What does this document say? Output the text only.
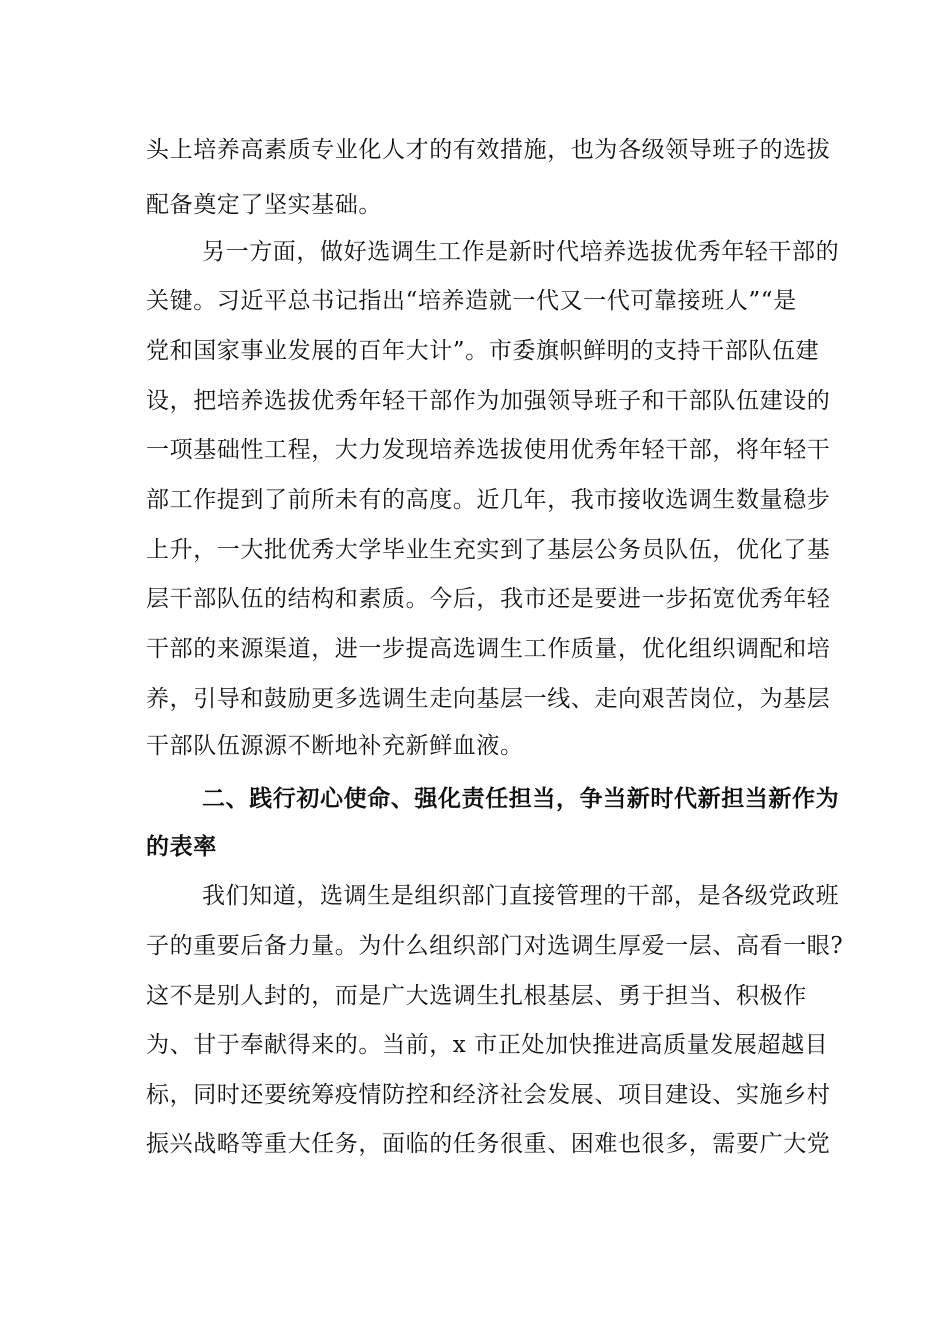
头上培养高素质专业化人才的有效措施，也为各级领导班子的选拔
配备奠定了坚实基础。
另一方面，做好选调生工作是新时代培养选拔优秀年轻干部的
关键。习近平总书记指出“培养造就一代又一代可靠接班人”“是
党和国家事业发展的百年大计”。市委旗帜鲜明的支持干部队伍建
设，把培养选拔优秀年轻干部作为加强领导班子和干部队伍建设的
一项基础性工程，大力发现培养选拔使用优秀年轻干部，将年轻干
部工作提到了前所未有的高度。近几年，我市接收选调生数量稳步
上升，一大批优秀大学毕业生充实到了基层公务员队伍，优化了基
层干部队伍的结构和素质。今后，我市还是要进一步拓宽优秀年轻
干部的来源渠道，进一步提高选调生工作质量，优化组织调配和培
养，引导和鼓励更多选调生走向基层一线、走向艰苦岗位，为基层
干部队伍源源不断地补充新鲜血液。
二、践行初心使命、强化责任担当，争当新时代新担当新作为
的表率
我们知道，选调生是组织部门直接管理的干部，是各级党政班
子的重要后备力量。为什么组织部门对选调生厚爱一层、高看一眼?
这不是别人封的，而是广大选调生扎根基层、勇于担当、积极作
为、甘于奉献得来的。当前，x 市正处加快推进高质量发展超越目
标，同时还要统筹疫情防控和经济社会发展、项目建设、实施乡村
振兴战略等重大任务，面临的任务很重、困难也很多，需要广大党
